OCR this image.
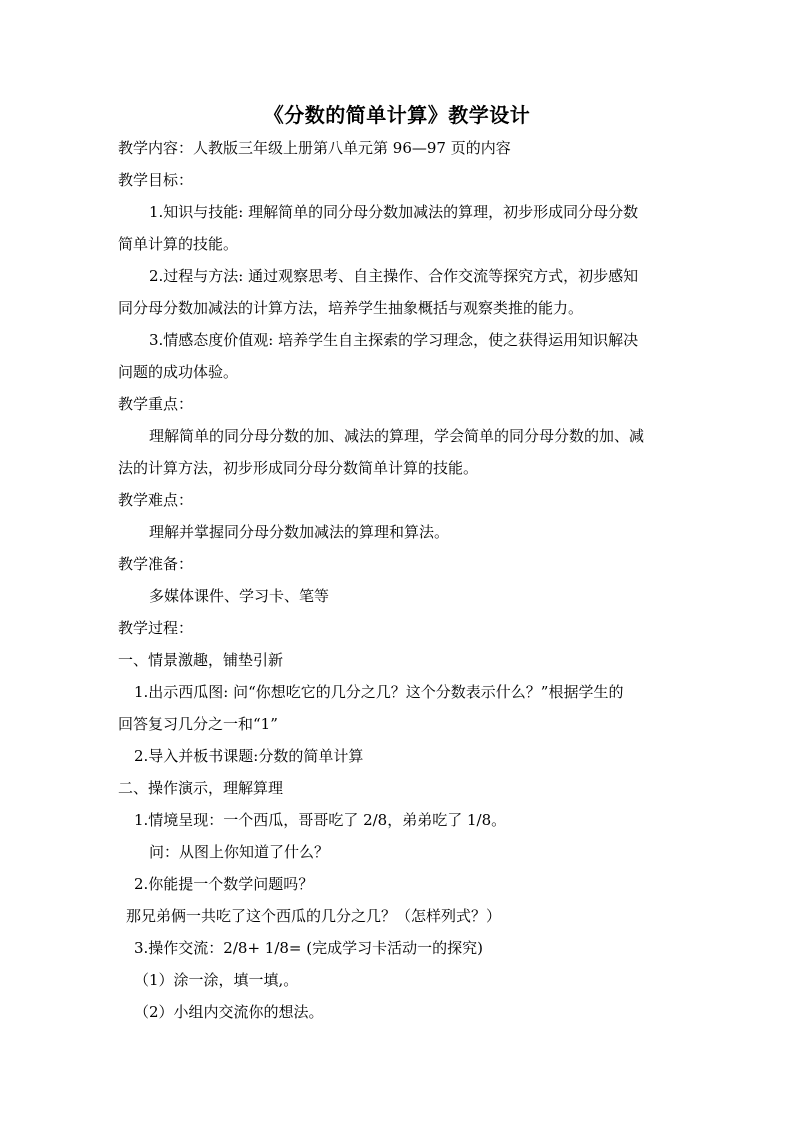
《分数的简单计算》教学设计
教学内容：人教版三年级上册第八单元第 96—97 页的内容
教学目标：
1.知识与技能: 理解简单的同分母分数加减法的算理，初步形成同分母分数
简单计算的技能。
2.过程与方法: 通过观察思考、自主操作、合作交流等探究方式，初步感知
同分母分数加减法的计算方法，培养学生抽象概括与观察类推的能力。
3.情感态度价值观: 培养学生自主探索的学习理念，使之获得运用知识解决
问题的成功体验。
教学重点：
理解简单的同分母分数的加、减法的算理，学会简单的同分母分数的加、减
法的计算方法，初步形成同分母分数简单计算的技能。
教学难点：
理解并掌握同分母分数加减法的算理和算法。
教学准备：
多媒体课件、学习卡、笔等
教学过程：
一、情景激趣，铺垫引新
1.出示西瓜图: 问“你想吃它的几分之几？这个分数表示什么？”根据学生的
回答复习几分之一和“1”
2.导入并板书课题:分数的简单计算
二、操作演示，理解算理
1.情境呈现：一个西瓜，哥哥吃了 2/8，弟弟吃了 1/8。
问：从图上你知道了什么？
2.你能提一个数学问题吗？
那兄弟俩一共吃了这个西瓜的几分之几？（怎样列式？）
3.操作交流：2/8+ 1/8= (完成学习卡活动一的探究)
（1）涂一涂，填一填,。
（2）小组内交流你的想法。
